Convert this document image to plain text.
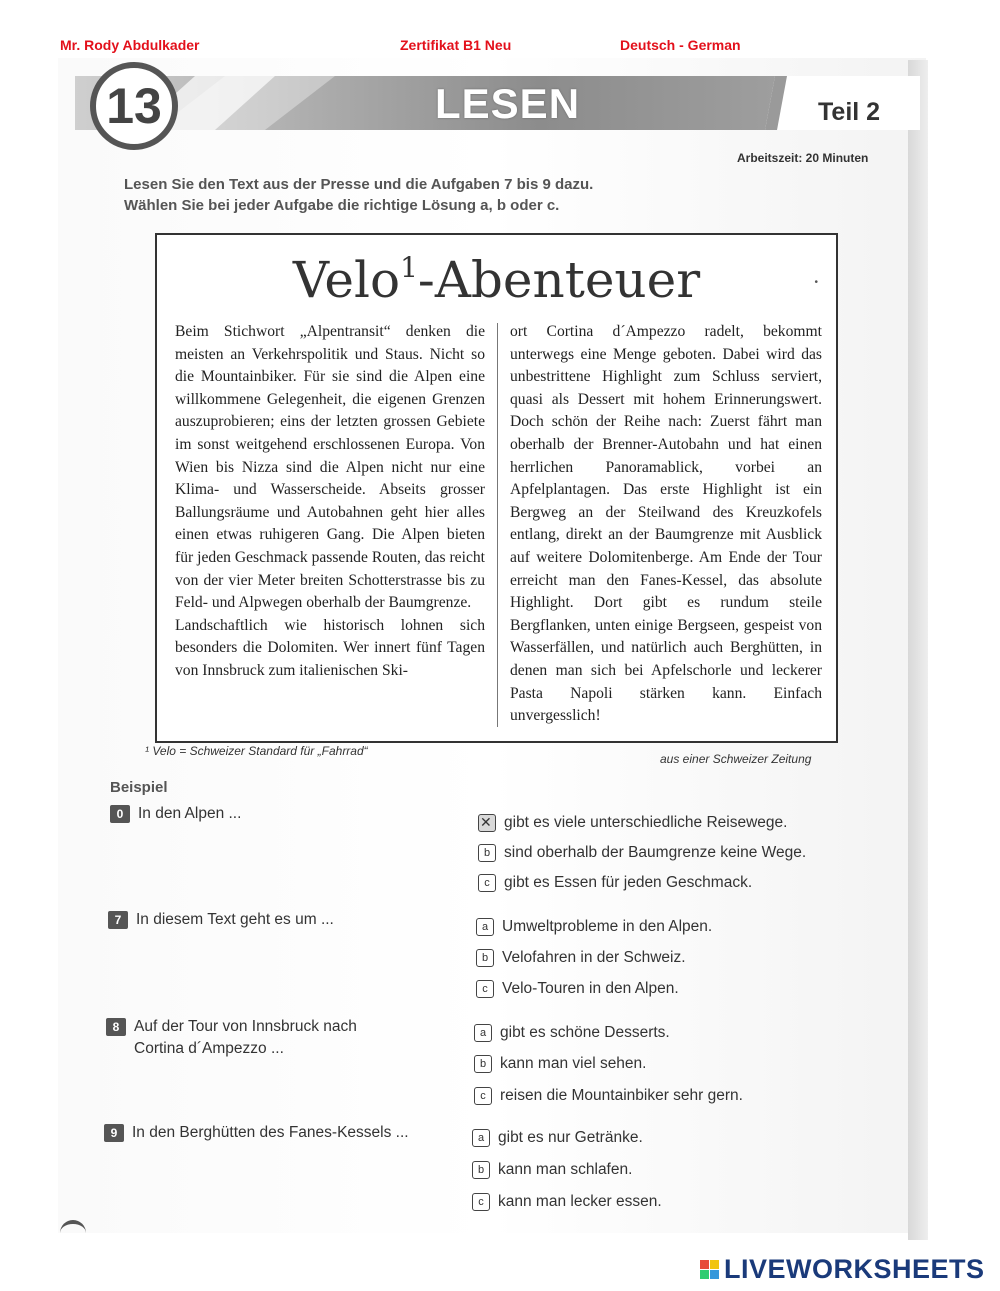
Mr. Rody Abdulkader	Zertifikat B1 Neu	Deutsch - German
13	LESEN	Teil 2
Arbeitszeit: 20 Minuten
Lesen Sie den Text aus der Presse und die Aufgaben 7 bis 9 dazu.
Wählen Sie bei jeder Aufgabe die richtige Lösung a, b oder c.
Velo$^1$-Abenteuer	•

Beim Stichwort „Alpentransit“ denken die meisten an Verkehrspolitik und Staus. Nicht so die Mountainbiker. Für sie sind die Alpen eine willkommene Gelegenheit, die eigenen Grenzen auszuprobieren; eins der letzten grossen Gebiete im sonst weitgehend erschlossenen Europa. Von Wien bis Nizza sind die Alpen nicht nur eine Klima- und Wasserscheide. Abseits grosser Ballungsräume und Autobahnen geht hier alles einen etwas ruhigeren Gang. Die Alpen bieten für jeden Geschmack passende Routen, das reicht von der vier Meter breiten Schotterstrasse bis zu Feld- und Alpwegen oberhalb der Baumgrenze.

Landschaftlich wie historisch lohnen sich besonders die Dolomiten. Wer innert fünf Tagen von Innsbruck zum italienischen Ski-

ort Cortina d´Ampezzo radelt, bekommt unterwegs eine Menge geboten. Dabei wird das unbestrittene Highlight zum Schluss serviert, quasi als Dessert mit hohem Erinnerungswert. Doch schön der Reihe nach: Zuerst fährt man oberhalb der Brenner-Autobahn und hat einen herrlichen Panoramablick, vorbei an Apfelplantagen. Das erste Highlight ist ein Bergweg an der Steilwand des Kreuzkofels entlang, direkt an der Baumgrenze mit Ausblick auf weitere Dolomitenberge. Am Ende der Tour erreicht man den Fanes-Kessel, das absolute Highlight. Dort gibt es rundum steile Bergflanken, unten einige Bergseen, gespeist von Wasserfällen, und natürlich auch Berghütten, in denen man sich bei Apfelschorle und leckerer Pasta Napoli stärken kann. Einfach unvergesslich!

¹ Velo = Schweizer Standard für „Fahrrad“
aus einer Schweizer Zeitung
Beispiel
0 In den Alpen ...
✕
gibt es viele unterschiedliche Reisewege.
b sind oberhalb der Baumgrenze keine Wege.
c gibt es Essen für jeden Geschmack.
7 In diesem Text geht es um ...	a Umweltprobleme in den Alpen.
b Velofahren in der Schweiz.
c Velo-Touren in den Alpen.
8 Auf der Tour von Innsbruck nach
Cortina d´Ampezzo ...
a gibt es schöne Desserts.
b kann man viel sehen.
c reisen die Mountainbiker sehr gern.
9 In den Berghütten des Fanes-Kessels ...	a gibt es nur Getränke.
b kann man schlafen.
c kann man lecker essen.
LIVEWORKSHEETS
